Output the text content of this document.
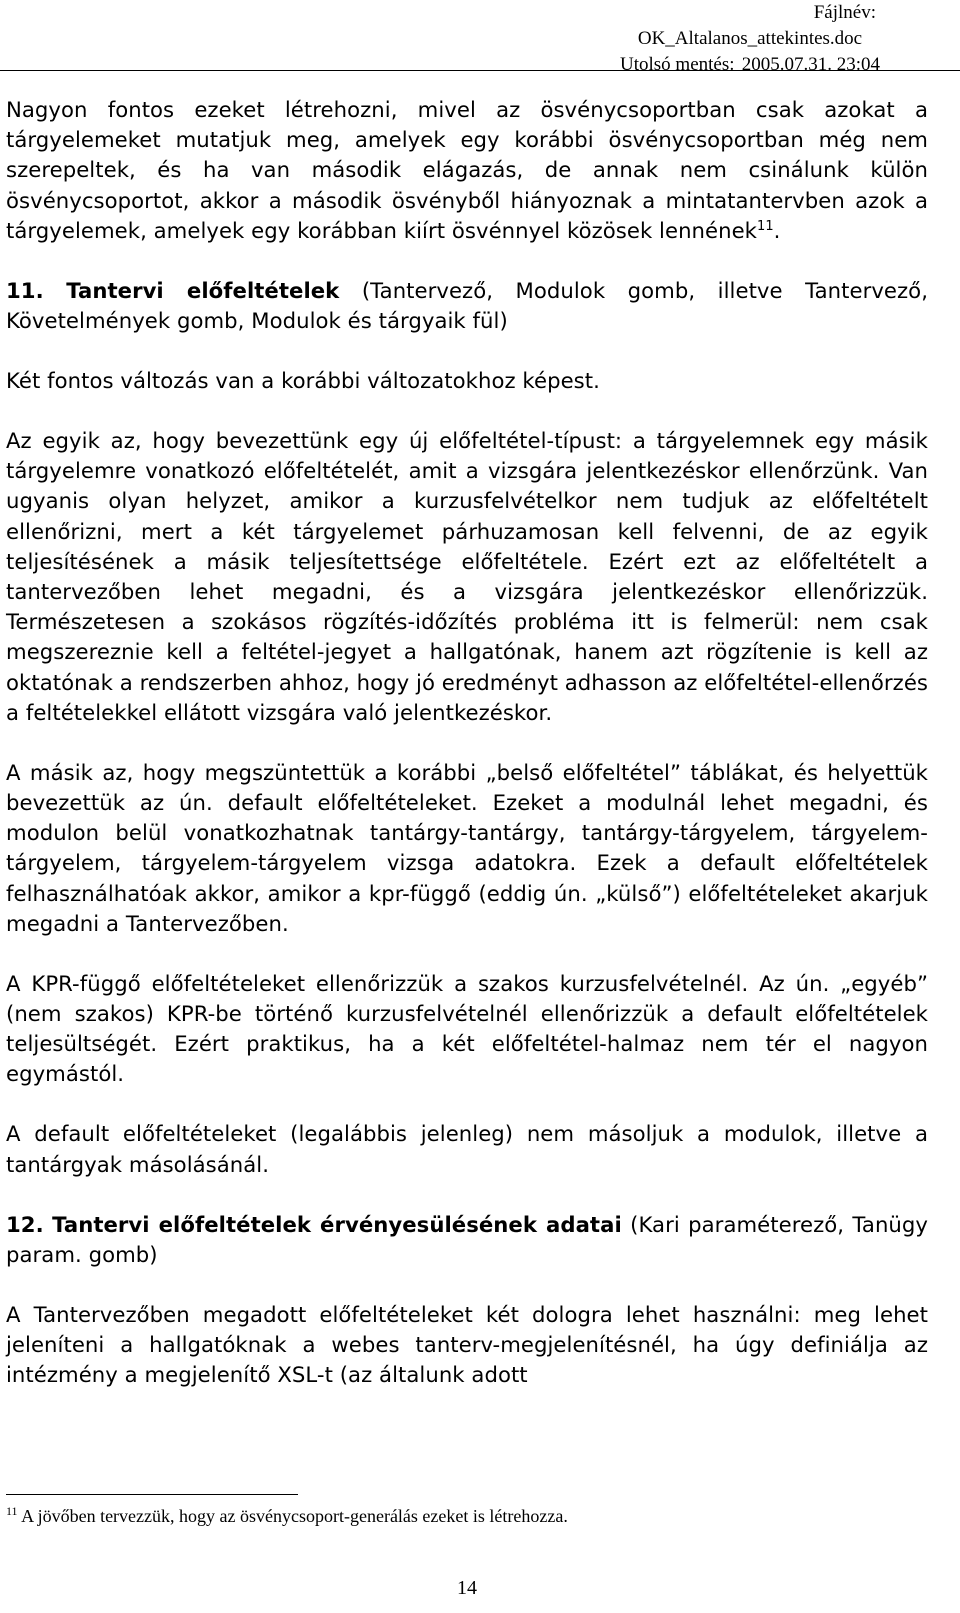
Fájlnév:
OK_Altalanos_attekintes.doc
Utolsó mentés: 2005.07.31. 23:04

Nagyon fontos ezeket létrehozni, mivel az ösvénycsoportban csak azokat a tárgyelemeket mutatjuk meg, amelyek egy korábbi ösvénycsoportban még nem szerepeltek, és ha van második elágazás, de annak nem csinálunk külön ösvénycsoportot, akkor a második ösvényből hiányoznak a mintatantervben azok a tárgyelemek, amelyek egy korábban kiírt ösvénnyel közösek lennének$^{11}$.

11. Tantervi előfeltételek (Tantervező, Modulok gomb, illetve Tantervező, Követelmények gomb, Modulok és tárgyaik fül)

Két fontos változás van a korábbi változatokhoz képest.

Az egyik az, hogy bevezettünk egy új előfeltétel-típust: a tárgyelemnek egy másik tárgyelemre vonatkozó előfeltételét, amit a vizsgára jelentkezéskor ellenőrzünk. Van ugyanis olyan helyzet, amikor a kurzusfelvételkor nem tudjuk az előfeltételt ellenőrizni, mert a két tárgyelemet párhuzamosan kell felvenni, de az egyik teljesítésének a másik teljesítettsége előfeltétele. Ezért ezt az előfeltételt a tantervezőben lehet megadni, és a vizsgára jelentkezéskor ellenőrizzük. Természetesen a szokásos rögzítés-időzítés probléma itt is felmerül: nem csak megszereznie kell a feltétel-jegyet a hallgatónak, hanem azt rögzítenie is kell az oktatónak a rendszerben ahhoz, hogy jó eredményt adhasson az előfeltétel-ellenőrzés a feltételekkel ellátott vizsgára való jelentkezéskor.

A másik az, hogy megszüntettük a korábbi „belső előfeltétel” táblákat, és helyettük bevezettük az ún. default előfeltételeket. Ezeket a modulnál lehet megadni, és modulon belül vonatkozhatnak tantárgy-tantárgy, tantárgy-tárgyelem, tárgyelem-tárgyelem, tárgyelem-tárgyelem vizsga adatokra. Ezek a default előfeltételek felhasználhatóak akkor, amikor a kpr-függő (eddig ún. „külső”) előfeltételeket akarjuk megadni a Tantervezőben.

A KPR-függő előfeltételeket ellenőrizzük a szakos kurzusfelvételnél. Az ún. „egyéb” (nem szakos) KPR-be történő kurzusfelvételnél ellenőrizzük a default előfeltételek teljesültségét. Ezért praktikus, ha a két előfeltétel-halmaz nem tér el nagyon egymástól.

A default előfeltételeket (legalábbis jelenleg) nem másoljuk a modulok, illetve a tantárgyak másolásánál.

12. Tantervi előfeltételek érvényesülésének adatai (Kari paraméterező, Tanügy param. gomb)

A Tantervezőben megadott előfeltételeket két dologra lehet használni: meg lehet jeleníteni a hallgatóknak a webes tanterv-megjelenítésnél, ha úgy definiálja az intézmény a megjelenítő XSL-t (az általunk adott

$^{11}$ A jövőben tervezzük, hogy az ösvénycsoport-generálás ezeket is létrehozza.
14
